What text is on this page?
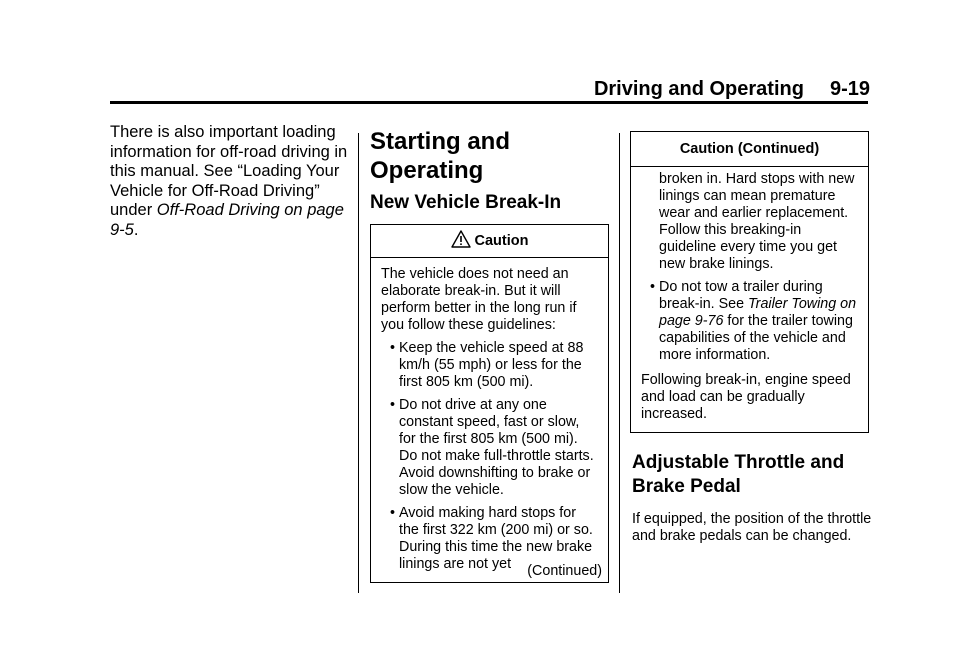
Driving and Operating 9-19
There is also important loading information for off-road driving in this manual. See “Loading Your Vehicle for Off-Road Driving” under Off-Road Driving on page 9-5.
Starting and Operating
New Vehicle Break-In
Caution
The vehicle does not need an elaborate break-in. But it will perform better in the long run if you follow these guidelines:
• Keep the vehicle speed at 88 km/h (55 mph) or less for the first 805 km (500 mi).
• Do not drive at any one constant speed, fast or slow, for the first 805 km (500 mi). Do not make full-throttle starts. Avoid downshifting to brake or slow the vehicle.
• Avoid making hard stops for the first 322 km (200 mi) or so. During this time the new brake linings are not yet	(Continued)
Caution (Continued)
broken in. Hard stops with new linings can mean premature wear and earlier replacement. Follow this breaking-in guideline every time you get new brake linings.
• Do not tow a trailer during break-in. See Trailer Towing on page 9-76 for the trailer towing capabilities of the vehicle and more information.
Following break-in, engine speed and load can be gradually increased.
Adjustable Throttle and Brake Pedal
If equipped, the position of the throttle and brake pedals can be changed.
